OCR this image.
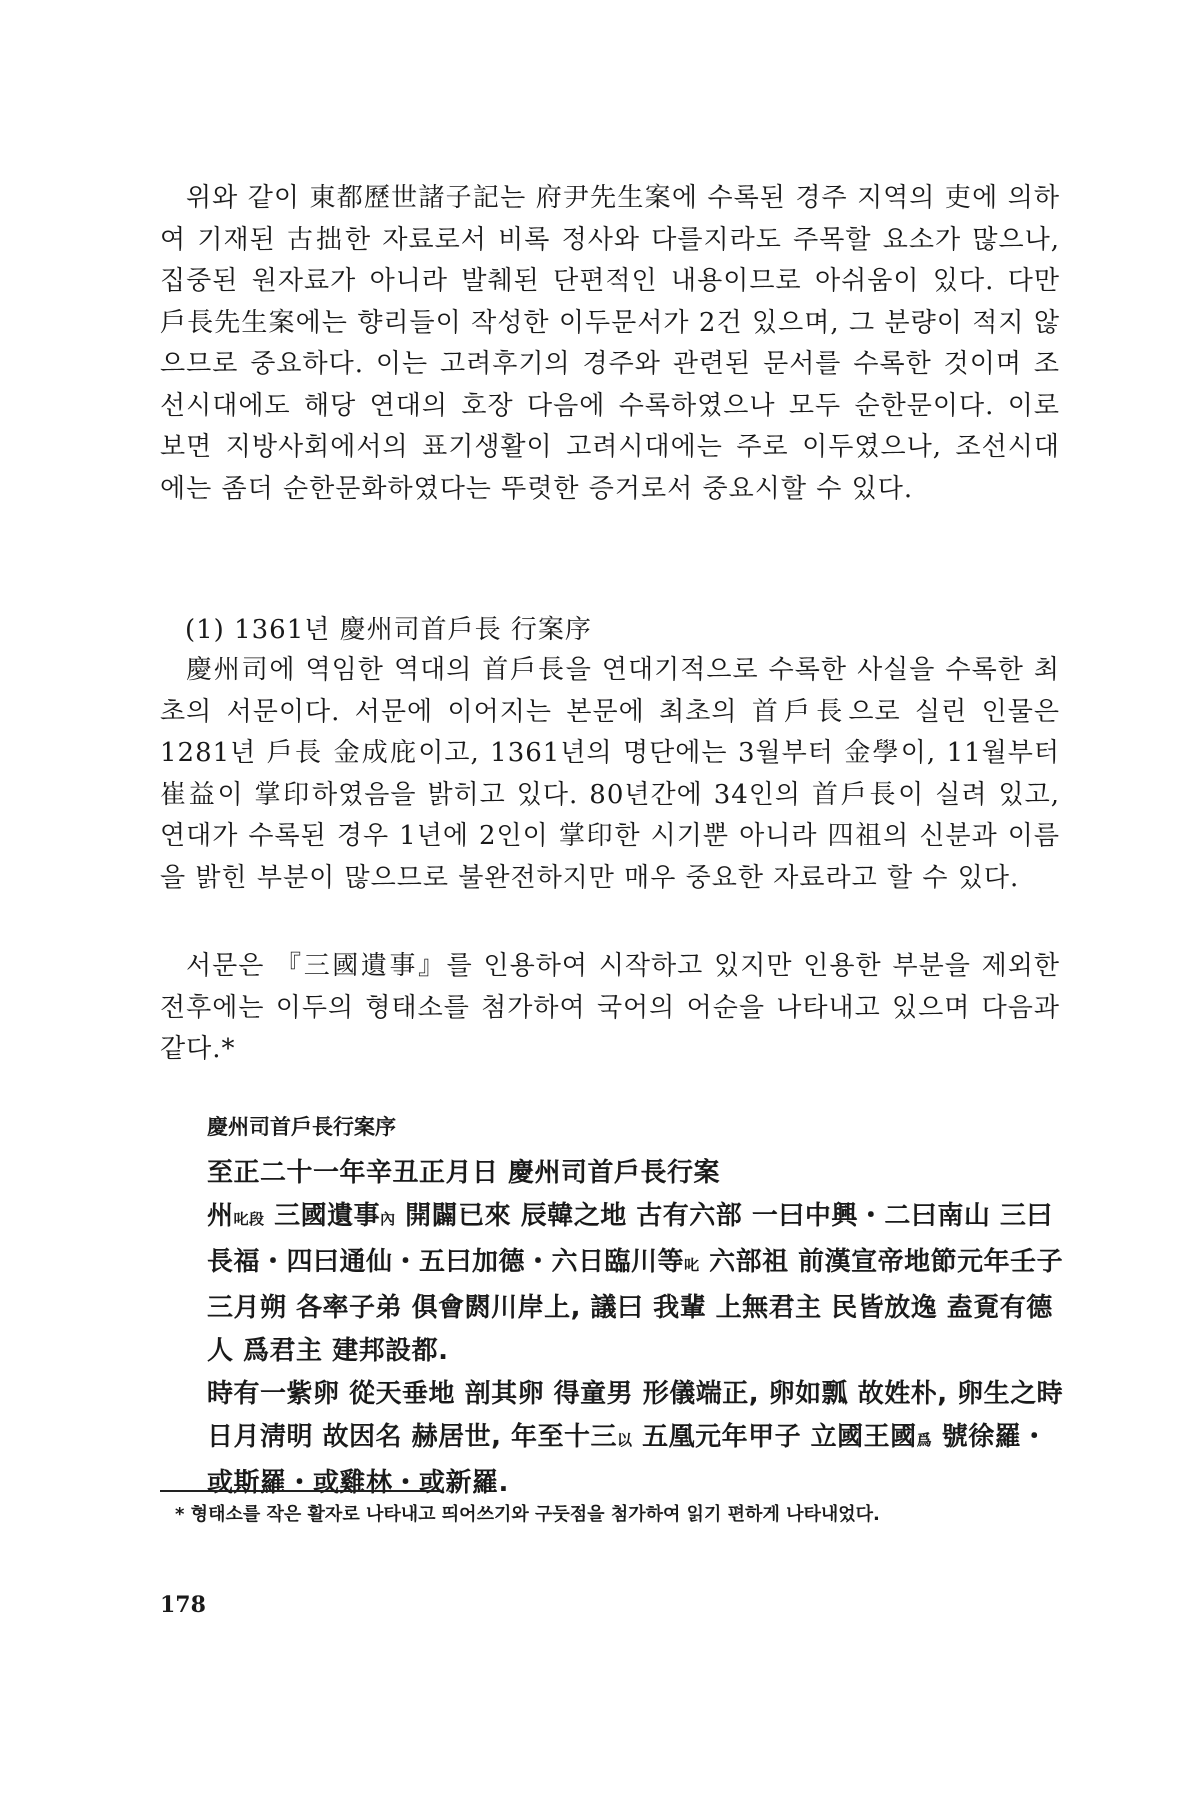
위와 같이 東都歷世諸子記는 府尹先生案에 수록된 경주 지역의 吏에 의하여 기재된 古拙한 자료로서 비록 정사와 다를지라도 주목할 요소가 많으나, 집중된 원자료가 아니라 발췌된 단편적인 내용이므로 아쉬움이 있다. 다만 戶長先生案에는 향리들이 작성한 이두문서가 2건 있으며, 그 분량이 적지 않으므로 중요하다. 이는 고려후기의 경주와 관련된 문서를 수록한 것이며 조선시대에도 해당 연대의 호장 다음에 수록하였으나 모두 순한문이다. 이로 보면 지방사회에서의 표기생활이 고려시대에는 주로 이두였으나, 조선시대에는 좀더 순한문화하였다는 뚜렷한 증거로서 중요시할 수 있다.

(1) 1361년 慶州司首戶長 行案序

慶州司에 역임한 역대의 首戶長을 연대기적으로 수록한 사실을 수록한 최초의 서문이다. 서문에 이어지는 본문에 최초의 首戶長으로 실린 인물은 1281년 戶長 金成庇이고, 1361년의 명단에는 3월부터 金學이, 11월부터 崔益이 掌印하였음을 밝히고 있다. 80년간에 34인의 首戶長이 실려 있고, 연대가 수록된 경우 1년에 2인이 掌印한 시기뿐 아니라 四祖의 신분과 이름을 밝힌 부분이 많으므로 불완전하지만 매우 중요한 자료라고 할 수 있다.

서문은 『三國遺事』를 인용하여 시작하고 있지만 인용한 부분을 제외한 전후에는 이두의 형태소를 첨가하여 국어의 어순을 나타내고 있으며 다음과 같다.*

慶州司首戶長行案序

至正二十一年辛丑正月日 慶州司首戶長行案

州叱段 三國遺事內 開闢已來 辰韓之地 古有六部 一曰中興・二曰南山 三曰長福・四曰通仙・五曰加德・六日臨川等叱 六部祖 前漢宣帝地節元年壬子 三月朔 各率子弟 俱會閼川岸上, 議曰 我輩 上無君主 民皆放逸 盍覔有德人 爲君主 建邦設都.

時有一紫卵 從天垂地 剖其卵 得童男 形儀端正, 卵如瓢 故姓朴, 卵生之時 日月淸明 故因名 赫居世, 年至十三以 五凰元年甲子 立國王國爲 號徐羅・或斯羅・或雞林・或新羅.

* 형태소를 작은 활자로 나타내고 띄어쓰기와 구둣점을 첨가하여 읽기 편하게 나타내었다.

178
